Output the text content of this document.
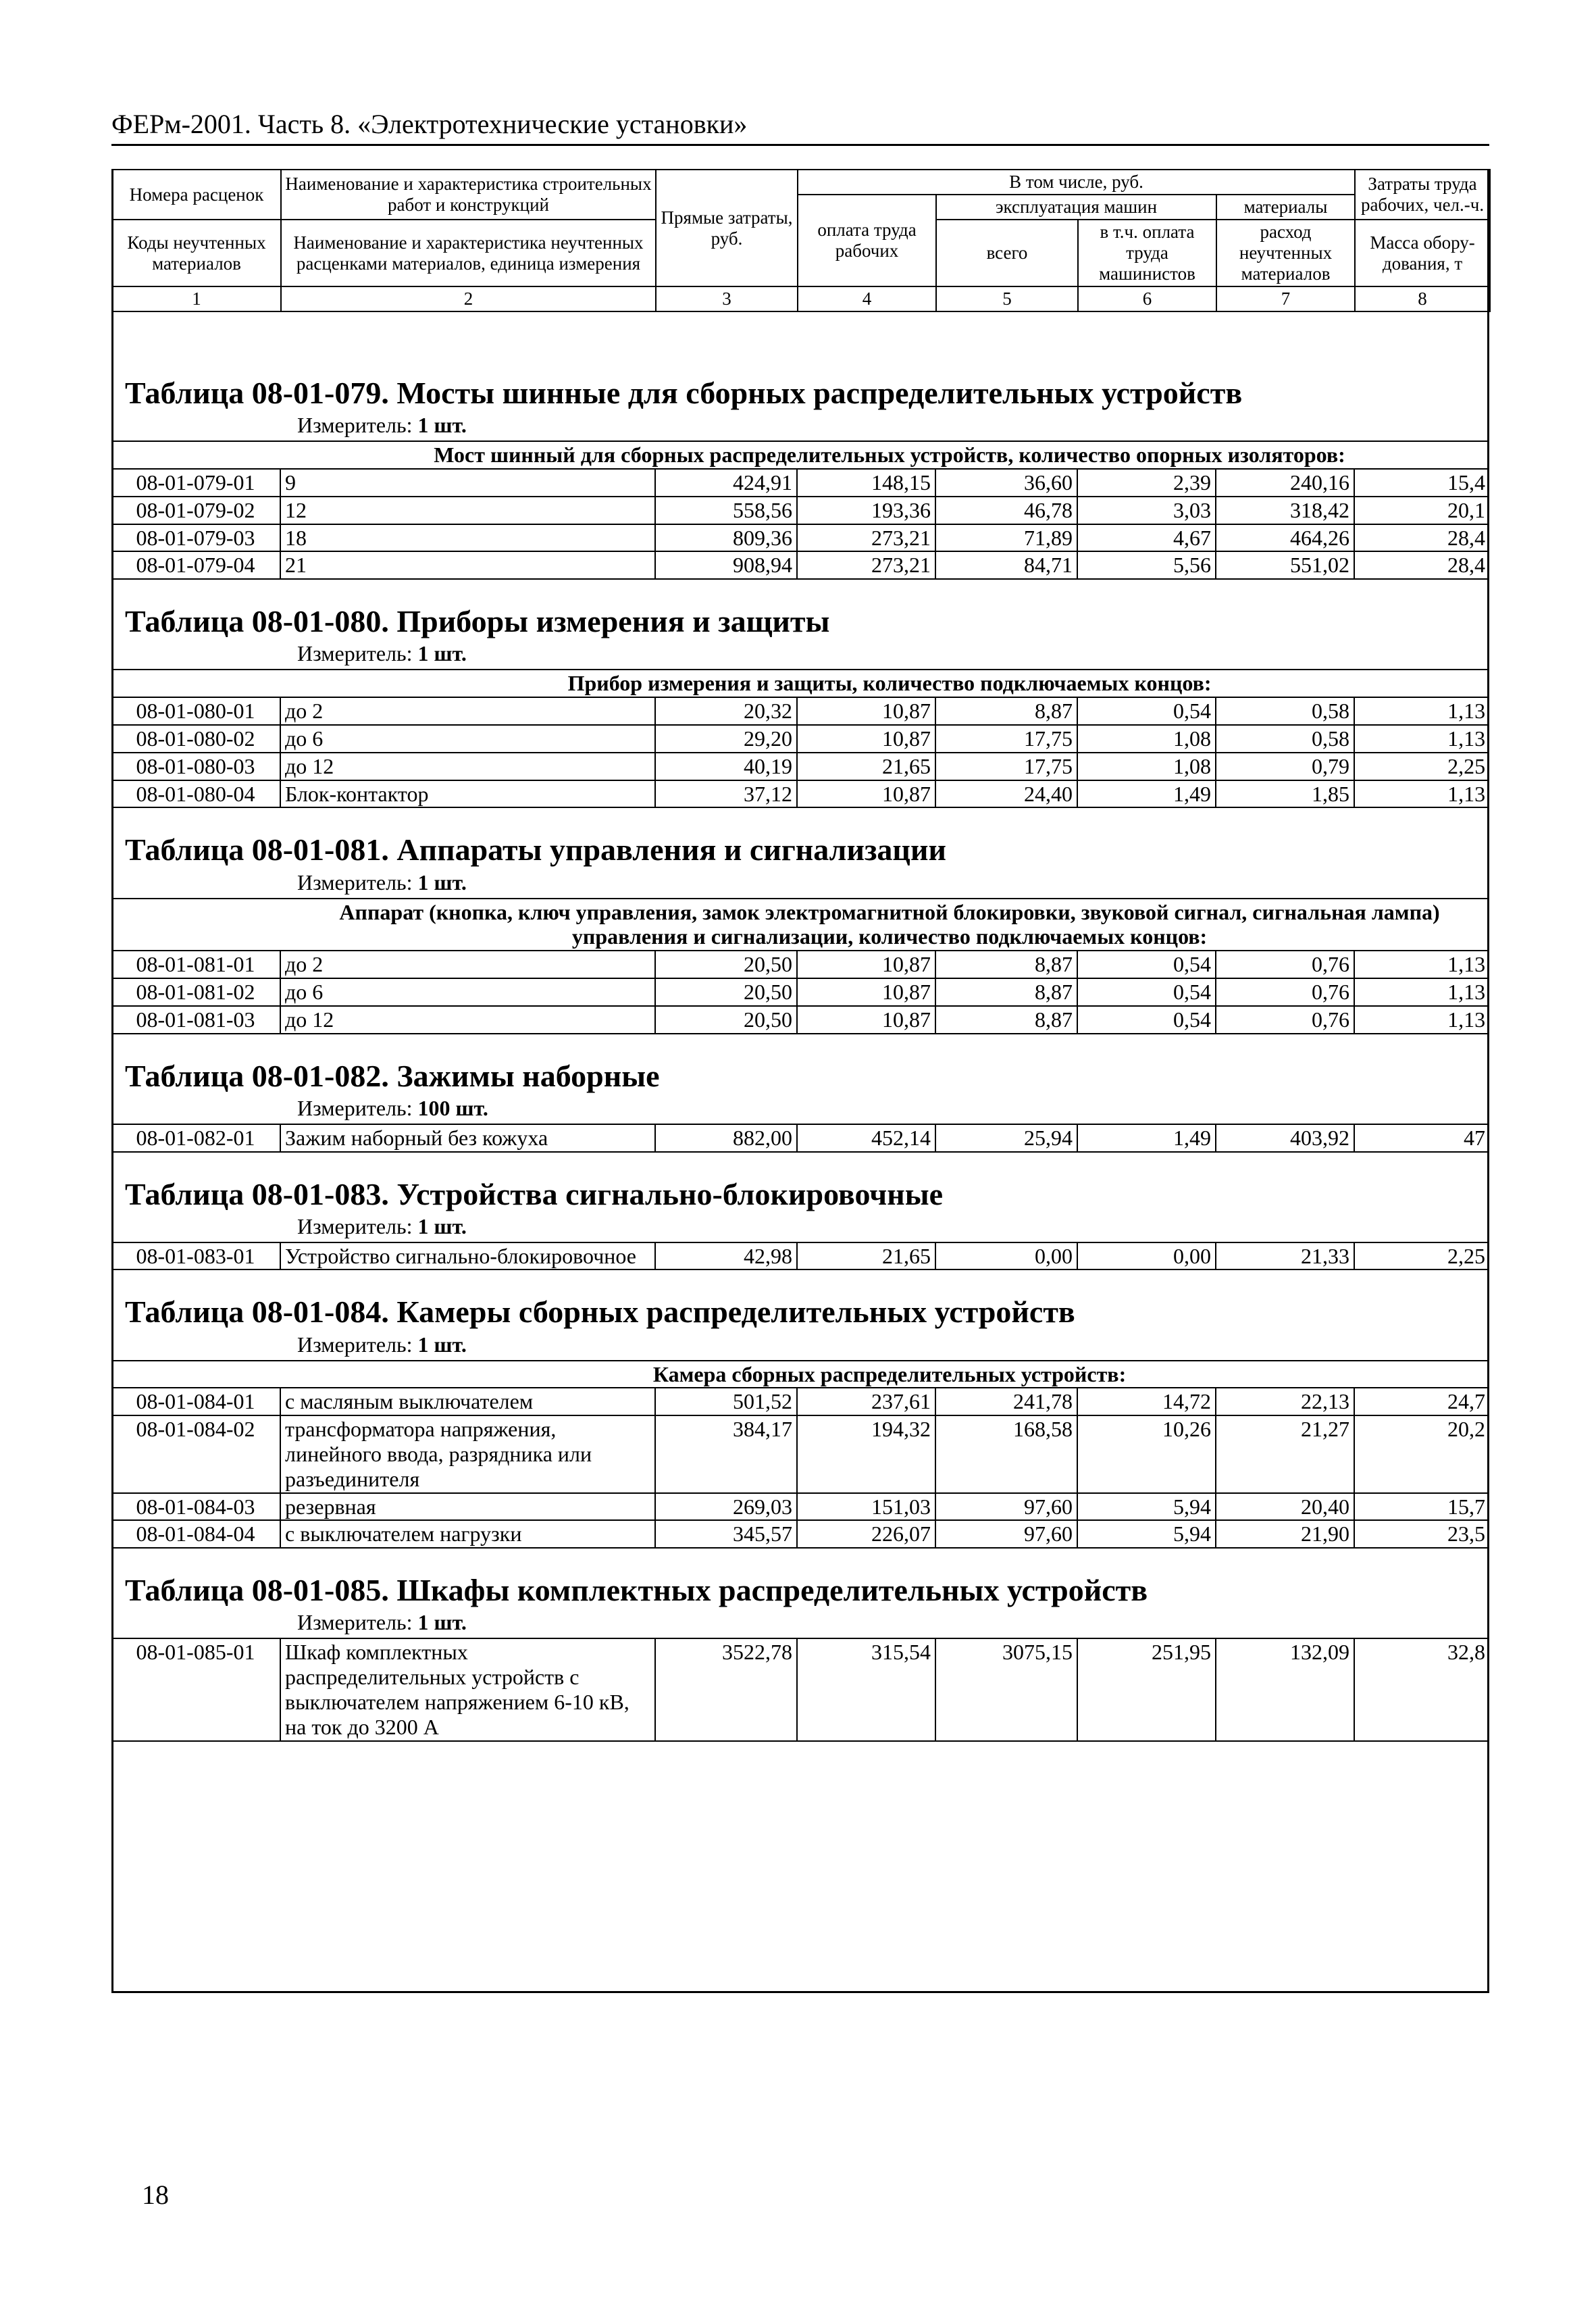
ФЕРм-2001. Часть 8. «Электротехнические установки»
Номера расценок	Наименование и характеристика строительных работ и конструкций	Прямые затраты, руб.	В том числе, руб.				Затраты труда рабочих, чел.-ч.
			оплата труда рабочих	эксплуатация машин		материалы	
Коды неучтенных материалов	Наименование и характеристика неучтенных расценками материалов, единица измерения			всего	в т.ч. оплата труда машинистов	расход неучтенных материалов	
							Масса обору-дования, т
1	2	3	4	5	6	7	8
Таблица 08-01-079. Мосты шинные для сборных распределительных устройств
Измеритель: 1 шт.
Мост шинный для сборных распределительных устройств, количество опорных изоляторов:							
08-01-079-01	9	424,91	148,15	36,60	2,39	240,16	15,4
08-01-079-02	12	558,56	193,36	46,78	3,03	318,42	20,1
08-01-079-03	18	809,36	273,21	71,89	4,67	464,26	28,4
08-01-079-04	21	908,94	273,21	84,71	5,56	551,02	28,4
Таблица 08-01-080. Приборы измерения и защиты
Измеритель: 1 шт.
Прибор измерения и защиты, количество подключаемых концов:							
08-01-080-01	до 2	20,32	10,87	8,87	0,54	0,58	1,13
08-01-080-02	до 6	29,20	10,87	17,75	1,08	0,58	1,13
08-01-080-03	до 12	40,19	21,65	17,75	1,08	0,79	2,25
08-01-080-04	Блок-контактор	37,12	10,87	24,40	1,49	1,85	1,13
Таблица 08-01-081. Аппараты управления и сигнализации
Измеритель: 1 шт.
Аппарат (кнопка, ключ управления, замок электромагнитной блокировки, звуковой сигнал, сигнальная лампа) управления и сигнализации, количество подключаемых концов:							
08-01-081-01	до 2	20,50	10,87	8,87	0,54	0,76	1,13
08-01-081-02	до 6	20,50	10,87	8,87	0,54	0,76	1,13
08-01-081-03	до 12	20,50	10,87	8,87	0,54	0,76	1,13
Таблица 08-01-082. Зажимы наборные
Измеритель: 100 шт.
08-01-082-01	Зажим наборный без кожуха	882,00	452,14	25,94	1,49	403,92	47
Таблица 08-01-083. Устройства сигнально-блокировочные
Измеритель: 1 шт.
08-01-083-01	Устройство сигнально-блокировочное	42,98	21,65	0,00	0,00	21,33	2,25
Таблица 08-01-084. Камеры сборных распределительных устройств
Измеритель: 1 шт.
Камера сборных распределительных устройств:							
08-01-084-01	с масляным выключателем	501,52	237,61	241,78	14,72	22,13	24,7
08-01-084-02	трансформатора напряжения, линейного ввода, разрядника или разъединителя	384,17	194,32	168,58	10,26	21,27	20,2
08-01-084-03	резервная	269,03	151,03	97,60	5,94	20,40	15,7
08-01-084-04	с выключателем нагрузки	345,57	226,07	97,60	5,94	21,90	23,5
Таблица 08-01-085. Шкафы комплектных распределительных устройств
Измеритель: 1 шт.
08-01-085-01	Шкаф комплектных распределительных устройств с выключателем напряжением 6-10 кВ, на ток до 3200 А	3522,78	315,54	3075,15	251,95	132,09	32,8
18
